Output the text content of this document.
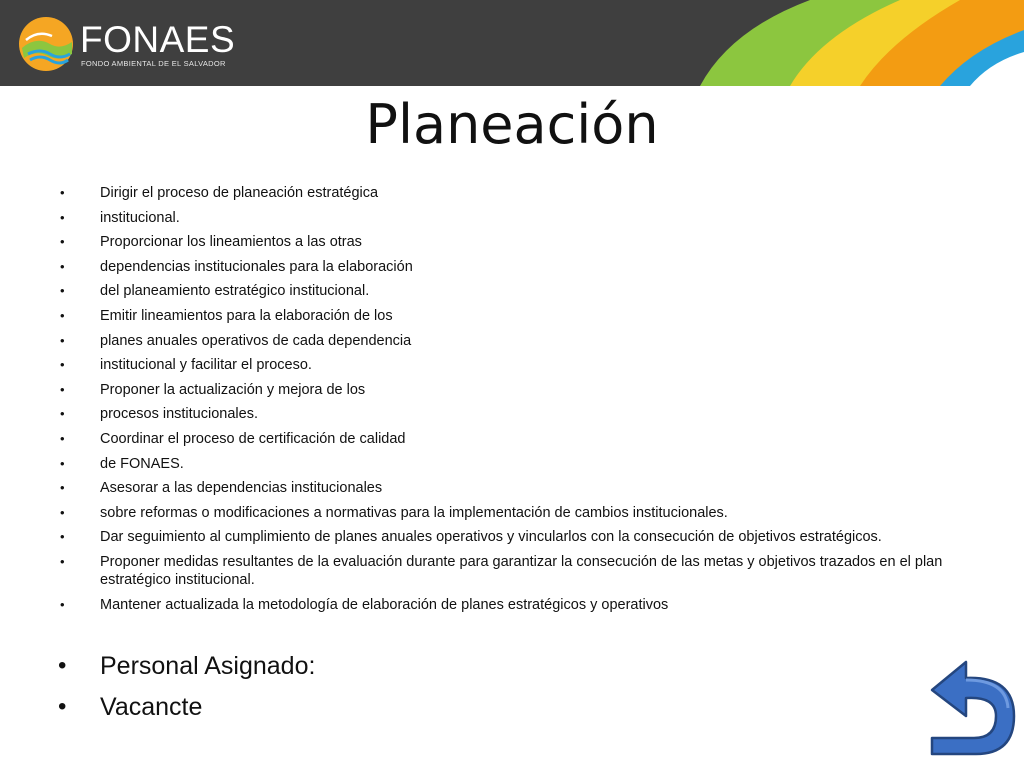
FONAES
FONDO AMBIENTAL DE EL SALVADOR
Planeación
• Dirigir el proceso de planeación estratégica
• institucional.
• Proporcionar los lineamientos a las otras
• dependencias institucionales para la elaboración
• del planeamiento estratégico institucional.
• Emitir lineamientos para la elaboración de los
• planes anuales operativos de cada dependencia
• institucional y facilitar el proceso.
• Proponer la actualización y mejora de los
• procesos institucionales.
• Coordinar el proceso de certificación de calidad
• de FONAES.
• Asesorar a las dependencias institucionales
• sobre reformas o modificaciones a normativas para la implementación de cambios institucionales.
• Dar seguimiento al cumplimiento de planes anuales operativos y vincularlos con la consecución de objetivos estratégicos.
• Proponer medidas resultantes de la evaluación durante para garantizar la consecución de las metas y objetivos trazados en el plan estratégico institucional.
• Mantener actualizada la metodología de elaboración de planes estratégicos y operativos
• Personal Asignado:
• Vacancte
